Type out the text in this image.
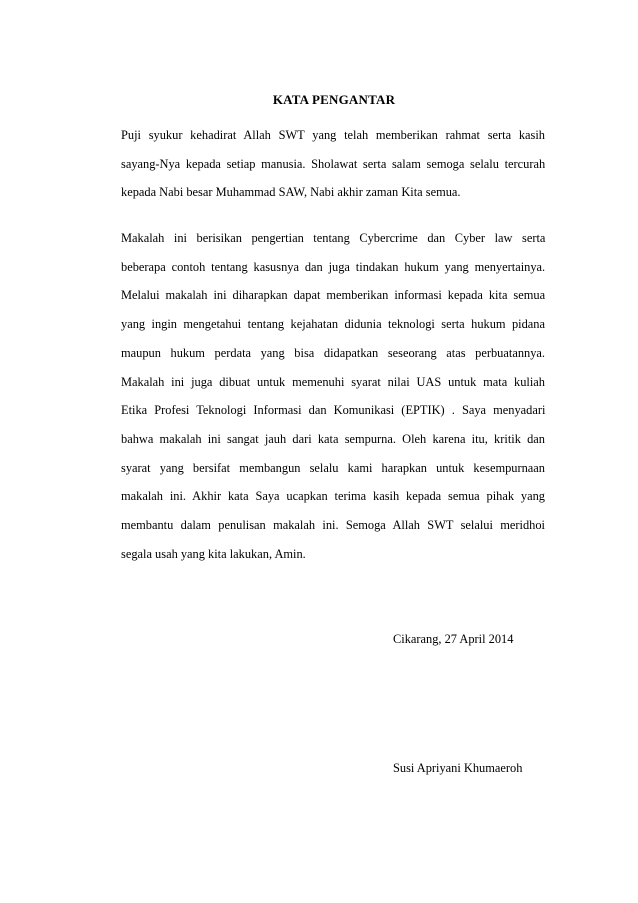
KATA PENGANTAR

Puji syukur kehadirat Allah SWT yang telah memberikan rahmat serta kasih
sayang-Nya kepada setiap manusia. Sholawat serta salam semoga selalu tercurah
kepada Nabi besar Muhammad SAW, Nabi akhir zaman Kita semua.

Makalah ini berisikan pengertian tentang Cybercrime dan Cyber law serta
beberapa contoh tentang kasusnya dan juga tindakan hukum yang menyertainya.
Melalui makalah ini diharapkan dapat memberikan informasi kepada kita semua
yang ingin mengetahui tentang kejahatan didunia teknologi serta hukum pidana
maupun hukum perdata yang bisa didapatkan seseorang atas perbuatannya.
Makalah ini juga dibuat untuk memenuhi syarat nilai UAS untuk mata kuliah
Etika Profesi Teknologi Informasi dan Komunikasi (EPTIK) . Saya menyadari
bahwa makalah ini sangat jauh dari kata sempurna. Oleh karena itu, kritik dan
syarat yang bersifat membangun selalu kami harapkan untuk kesempurnaan
makalah ini. Akhir kata Saya ucapkan terima kasih kepada semua pihak yang
membantu dalam penulisan makalah ini. Semoga Allah SWT selalui meridhoi
segala usah yang kita lakukan, Amin.

Cikarang, 27 April 2014
Susi Apriyani Khumaeroh
